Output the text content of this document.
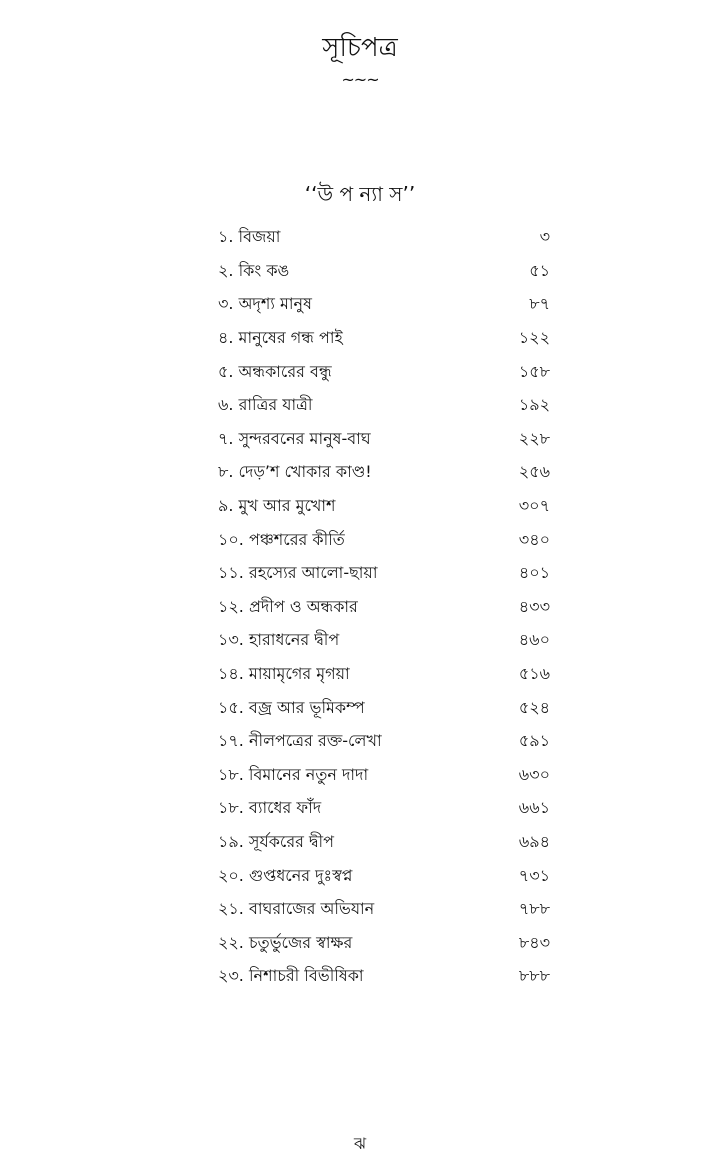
সূচিপত্র
~~~
‘‘উ প ন্যা স’’
১. বিজয়া	৩
২. কিং কঙ	৫১
৩. অদৃশ্য মানুষ	৮৭
৪. মানুষের গন্ধ পাই	১২২
৫. অন্ধকারের বন্ধু	১৫৮
৬. রাত্রির যাত্রী	১৯২
৭. সুন্দরবনের মানুষ-বাঘ	২২৮
৮. দেড়’শ খোকার কাণ্ড!	২৫৬
৯. মুখ আর মুখোশ	৩০৭
১০. পঞ্চশরের কীর্তি	৩৪০
১১. রহস্যের আলো-ছায়া	৪০১
১২. প্রদীপ ও অন্ধকার	৪৩৩
১৩. হারাধনের দ্বীপ	৪৬০
১৪. মায়ামৃগের মৃগয়া	৫১৬
১৫. বজ্র আর ভূমিকম্প	৫২৪
১৭. নীলপত্রের রক্ত-লেখা	৫৯১
১৮. বিমানের নতুন দাদা	৬৩০
১৮. ব্যাধের ফাঁদ	৬৬১
১৯. সূর্যকরের দ্বীপ	৬৯৪
২০. গুপ্তধনের দুঃস্বপ্ন	৭৩১
২১. বাঘরাজের অভিযান	৭৮৮
২২. চতুর্ভুজের স্বাক্ষর	৮৪৩
২৩. নিশাচরী বিভীষিকা	৮৮৮
ঝ
